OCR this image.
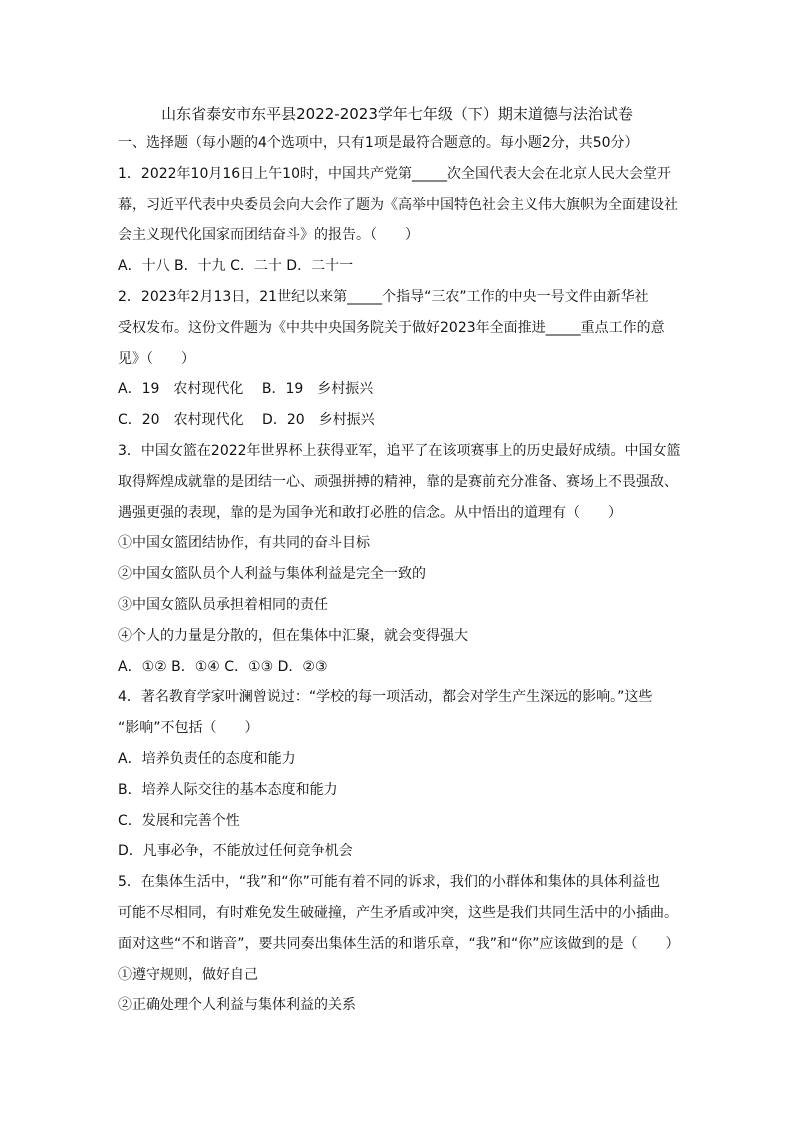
山东省泰安市东平县2022-2023学年七年级（下）期末道德与法治试卷
一、选择题（每小题的4个选项中，只有1项是最符合题意的。每小题2分，共50分）
1．2022年10月16日上午10时，中国共产党第_____次全国代表大会在北京人民大会堂开
幕，习近平代表中央委员会向大会作了题为《高举中国特色社会主义伟大旗帜为全面建设社
会主义现代化国家而团结奋斗》的报告。（　　）
A．十八 B．十九 C．二十 D．二十一
2．2023年2月13日，21世纪以来第_____个指导“三农”工作的中央一号文件由新华社
受权发布。这份文件题为《中共中央国务院关于做好2023年全面推进_____重点工作的意
见》（　　）
A．19　农村现代化　 B．19　乡村振兴
C．20　农村现代化　 D．20　乡村振兴
3．中国女篮在2022年世界杯上获得亚军，追平了在该项赛事上的历史最好成绩。中国女篮
取得辉煌成就靠的是团结一心、顽强拼搏的精神，靠的是赛前充分准备、赛场上不畏强敌、
遇强更强的表现，靠的是为国争光和敢打必胜的信念。从中悟出的道理有（　　）
①中国女篮团结协作，有共同的奋斗目标
②中国女篮队员个人利益与集体利益是完全一致的
③中国女篮队员承担着相同的责任
④个人的力量是分散的，但在集体中汇聚，就会变得强大
A．①② B．①④ C．①③ D．②③
4．著名教育学家叶澜曾说过：“学校的每一项活动，都会对学生产生深远的影响。”这些
“影响”不包括（　　）
A．培养负责任的态度和能力
B．培养人际交往的基本态度和能力
C．发展和完善个性
D．凡事必争，不能放过任何竞争机会
5．在集体生活中，“我”和“你”可能有着不同的诉求，我们的小群体和集体的具体利益也
可能不尽相同，有时难免发生破碰撞，产生矛盾或冲突，这些是我们共同生活中的小插曲。
面对这些“不和谐音”，要共同奏出集体生活的和谐乐章，“我”和“你”应该做到的是（　　）
①遵守规则，做好自己
②正确处理个人利益与集体利益的关系
